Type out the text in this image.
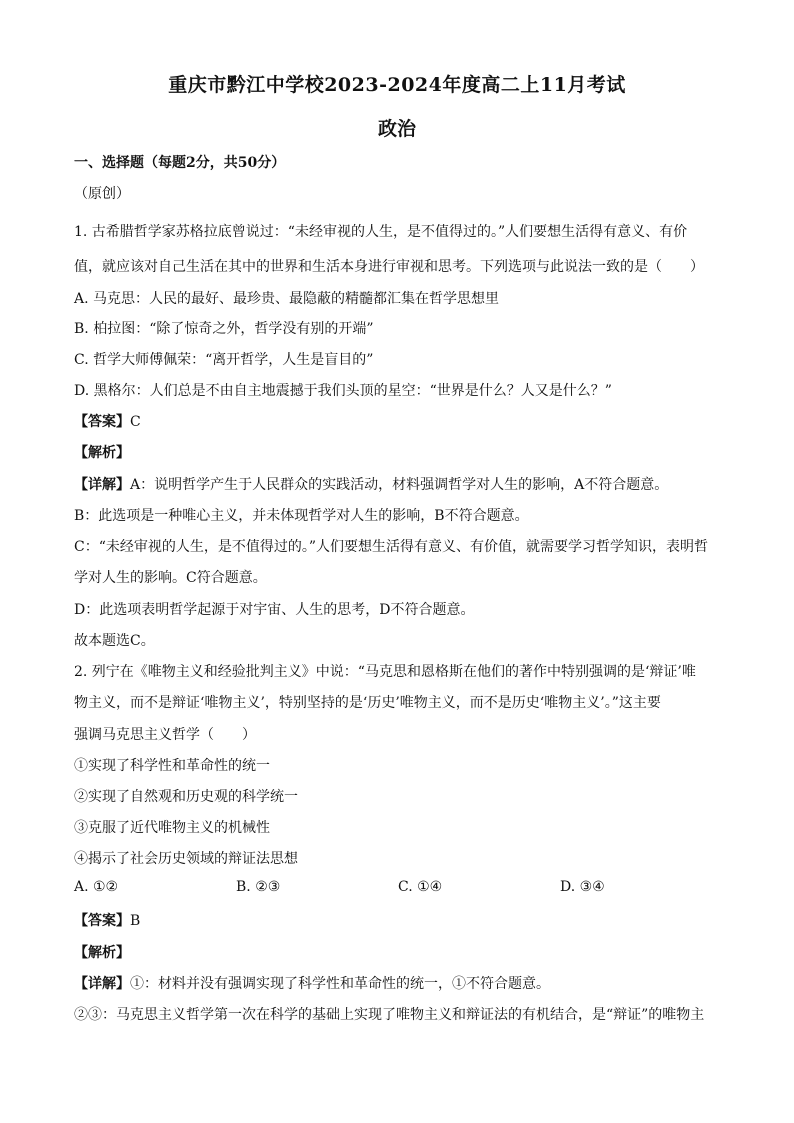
重庆市黔江中学校2023-2024年度高二上11月考试
政治
一、选择题（每题2分，共50分）
（原创）
1. 古希腊哲学家苏格拉底曾说过：“未经审视的人生，是不值得过的。”人们要想生活得有意义、有价
值，就应该对自己生活在其中的世界和生活本身进行审视和思考。下列选项与此说法一致的是（　　）
A. 马克思：人民的最好、最珍贵、最隐蔽的精髓都汇集在哲学思想里
B. 柏拉图：“除了惊奇之外，哲学没有别的开端”
C. 哲学大师傅佩荣：“离开哲学，人生是盲目的”
D. 黑格尔：人们总是不由自主地震撼于我们头顶的星空：“世界是什么？人又是什么？”
【答案】C
【解析】
【详解】A：说明哲学产生于人民群众的实践活动，材料强调哲学对人生的影响，A不符合题意。
B：此选项是一种唯心主义，并未体现哲学对人生的影响，B不符合题意。
C：“未经审视的人生，是不值得过的。”人们要想生活得有意义、有价值，就需要学习哲学知识，表明哲
学对人生的影响。C符合题意。
D：此选项表明哲学起源于对宇宙、人生的思考，D不符合题意。
故本题选C。
2. 列宁在《唯物主义和经验批判主义》中说：“马克思和恩格斯在他们的著作中特别强调的是‘辩证’唯
物主义，而不是辩证‘唯物主义’，特别坚持的是‘历史’唯物主义，而不是历史‘唯物主义’。”这主要
强调马克思主义哲学（　　）
①实现了科学性和革命性的统一
②实现了自然观和历史观的科学统一
③克服了近代唯物主义的机械性
④揭示了社会历史领域的辩证法思想
A. ①②	B. ②③	C. ①④	D. ③④
【答案】B
【解析】
【详解】①：材料并没有强调实现了科学性和革命性的统一，①不符合题意。
②③：马克思主义哲学第一次在科学的基础上实现了唯物主义和辩证法的有机结合，是“辩证”的唯物主
